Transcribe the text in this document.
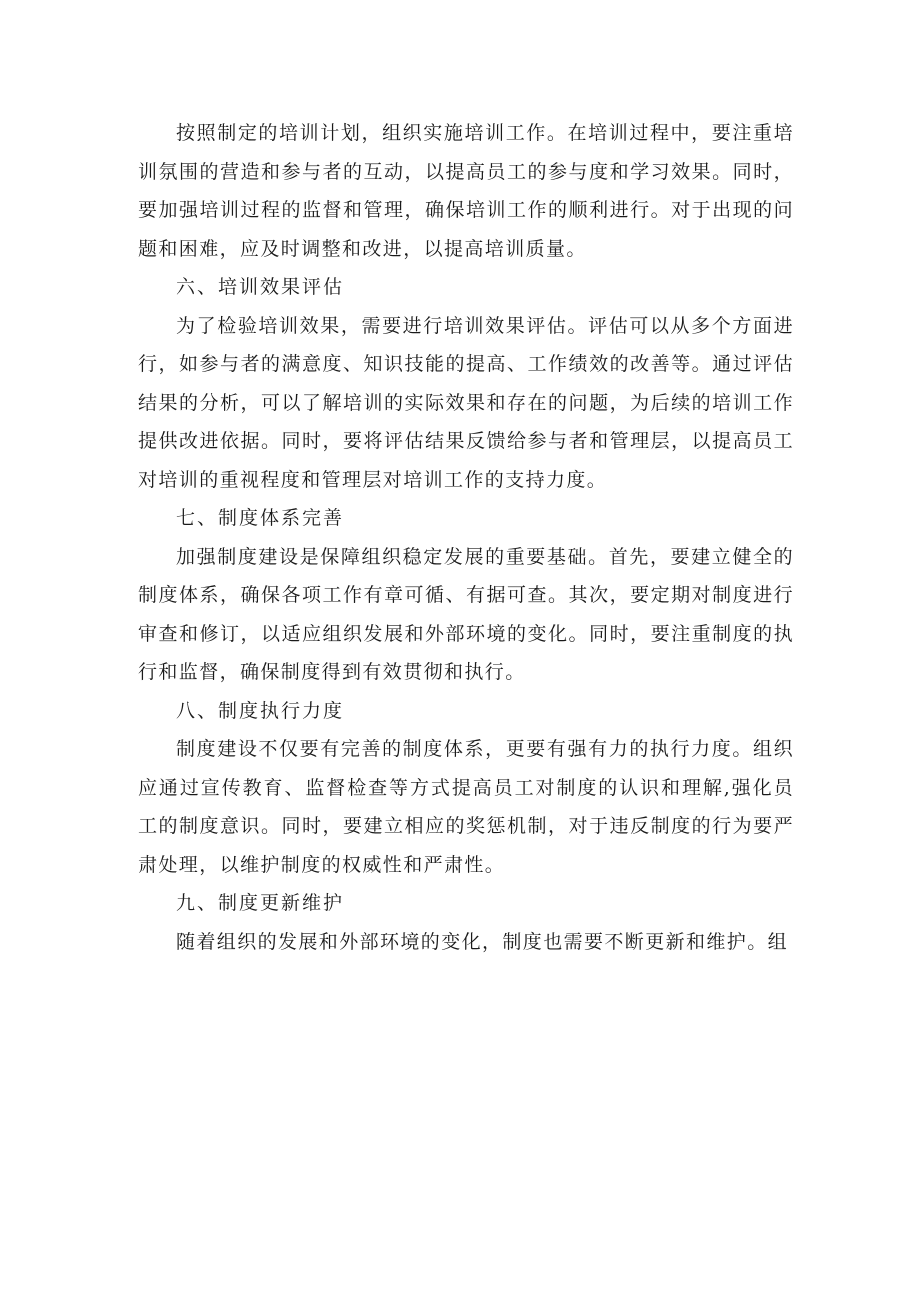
按照制定的培训计划，组织实施培训工作。在培训过程中，要注重培训氛围的营造和参与者的互动，以提高员工的参与度和学习效果。同时，要加强培训过程的监督和管理，确保培训工作的顺利进行。对于出现的问题和困难，应及时调整和改进，以提高培训质量。

六、培训效果评估

为了检验培训效果，需要进行培训效果评估。评估可以从多个方面进行，如参与者的满意度、知识技能的提高、工作绩效的改善等。通过评估结果的分析，可以了解培训的实际效果和存在的问题，为后续的培训工作提供改进依据。同时，要将评估结果反馈给参与者和管理层，以提高员工对培训的重视程度和管理层对培训工作的支持力度。

七、制度体系完善

加强制度建设是保障组织稳定发展的重要基础。首先，要建立健全的制度体系，确保各项工作有章可循、有据可查。其次，要定期对制度进行审查和修订，以适应组织发展和外部环境的变化。同时，要注重制度的执行和监督，确保制度得到有效贯彻和执行。

八、制度执行力度

制度建设不仅要有完善的制度体系，更要有强有力的执行力度。组织应通过宣传教育、监督检查等方式提高员工对制度的认识和理解,强化员工的制度意识。同时，要建立相应的奖惩机制，对于违反制度的行为要严肃处理，以维护制度的权威性和严肃性。

九、制度更新维护

随着组织的发展和外部环境的变化，制度也需要不断更新和维护。组
